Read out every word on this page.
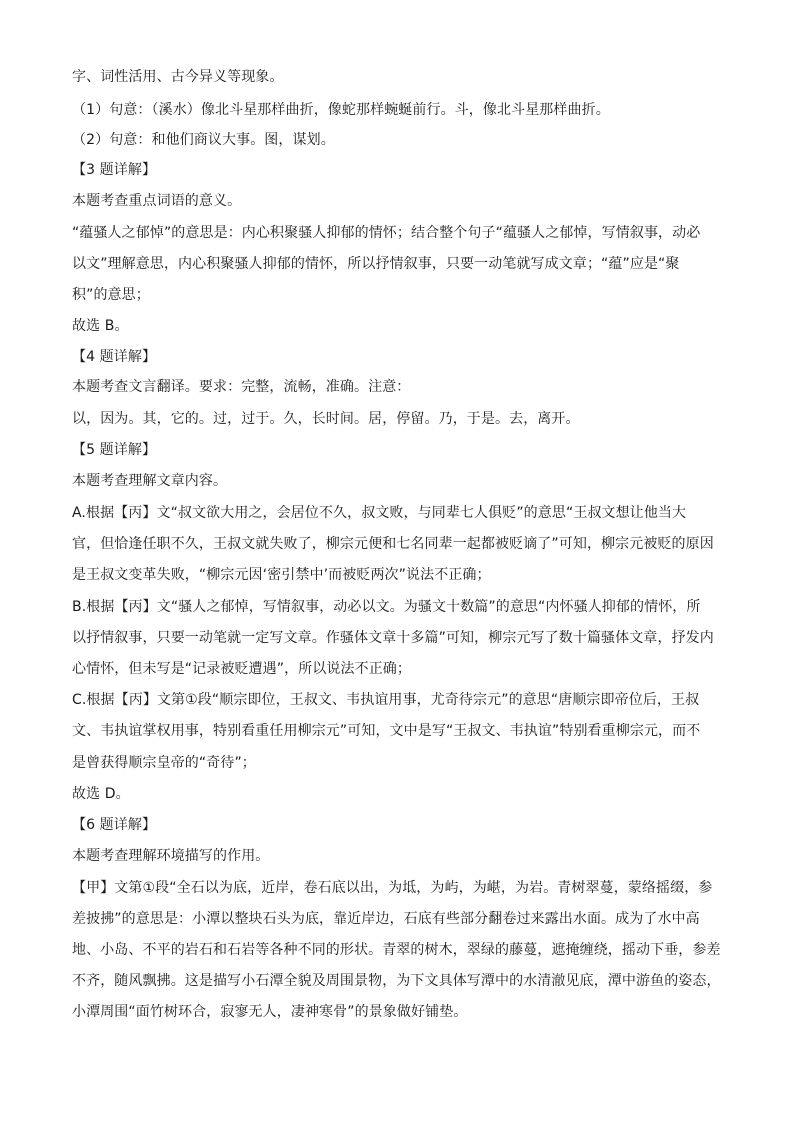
字、词性活用、古今异义等现象。
（1）句意：（溪水）像北斗星那样曲折，像蛇那样蜿蜒前行。斗，像北斗星那样曲折。
（2）句意：和他们商议大事。图，谋划。
【3 题详解】
本题考查重点词语的意义。
“蕴骚人之郁悼”的意思是：内心积聚骚人抑郁的情怀；结合整个句子“蕴骚人之郁悼，写情叙事，动必
以文”理解意思，内心积聚骚人抑郁的情怀，所以抒情叙事，只要一动笔就写成文章；“蕴”应是“聚
积”的意思；
故选 B。
【4 题详解】
本题考查文言翻译。要求：完整，流畅，准确。注意：
以，因为。其，它的。过，过于。久，长时间。居，停留。乃，于是。去，离开。
【5 题详解】
本题考查理解文章内容。
A.根据【丙】文“叔文欲大用之，会居位不久，叔文败，与同辈七人俱贬”的意思“王叔文想让他当大
官，但恰逢任职不久，王叔文就失败了，柳宗元便和七名同辈一起都被贬谪了”可知，柳宗元被贬的原因
是王叔文变革失败，“柳宗元因‘密引禁中’而被贬两次”说法不正确；
B.根据【丙】文“骚人之郁悼，写情叙事，动必以文。为骚文十数篇”的意思“内怀骚人抑郁的情怀，所
以抒情叙事，只要一动笔就一定写文章。作骚体文章十多篇”可知，柳宗元写了数十篇骚体文章，抒发内
心情怀，但未写是“记录被贬遭遇”，所以说法不正确；
C.根据【丙】文第①段“顺宗即位，王叔文、韦执谊用事，尤奇待宗元”的意思“唐顺宗即帝位后，王叔
文、韦执谊掌权用事，特别看重任用柳宗元”可知，文中是写“王叔文、韦执谊”特别看重柳宗元，而不
是曾获得顺宗皇帝的“奇待”；
故选 D。
【6 题详解】
本题考查理解环境描写的作用。
【甲】文第①段“全石以为底，近岸，卷石底以出，为坻，为屿，为嵁，为岩。青树翠蔓，蒙络摇缀，参
差披拂”的意思是：小潭以整块石头为底，靠近岸边，石底有些部分翻卷过来露出水面。成为了水中高
地、小岛、不平的岩石和石岩等各种不同的形状。青翠的树木，翠绿的藤蔓，遮掩缠绕，摇动下垂，参差
不齐，随风飘拂。这是描写小石潭全貌及周围景物，为下文具体写潭中的水清澈见底，潭中游鱼的姿态，
小潭周围“面竹树环合，寂寥无人，凄神寒骨”的景象做好铺垫。
